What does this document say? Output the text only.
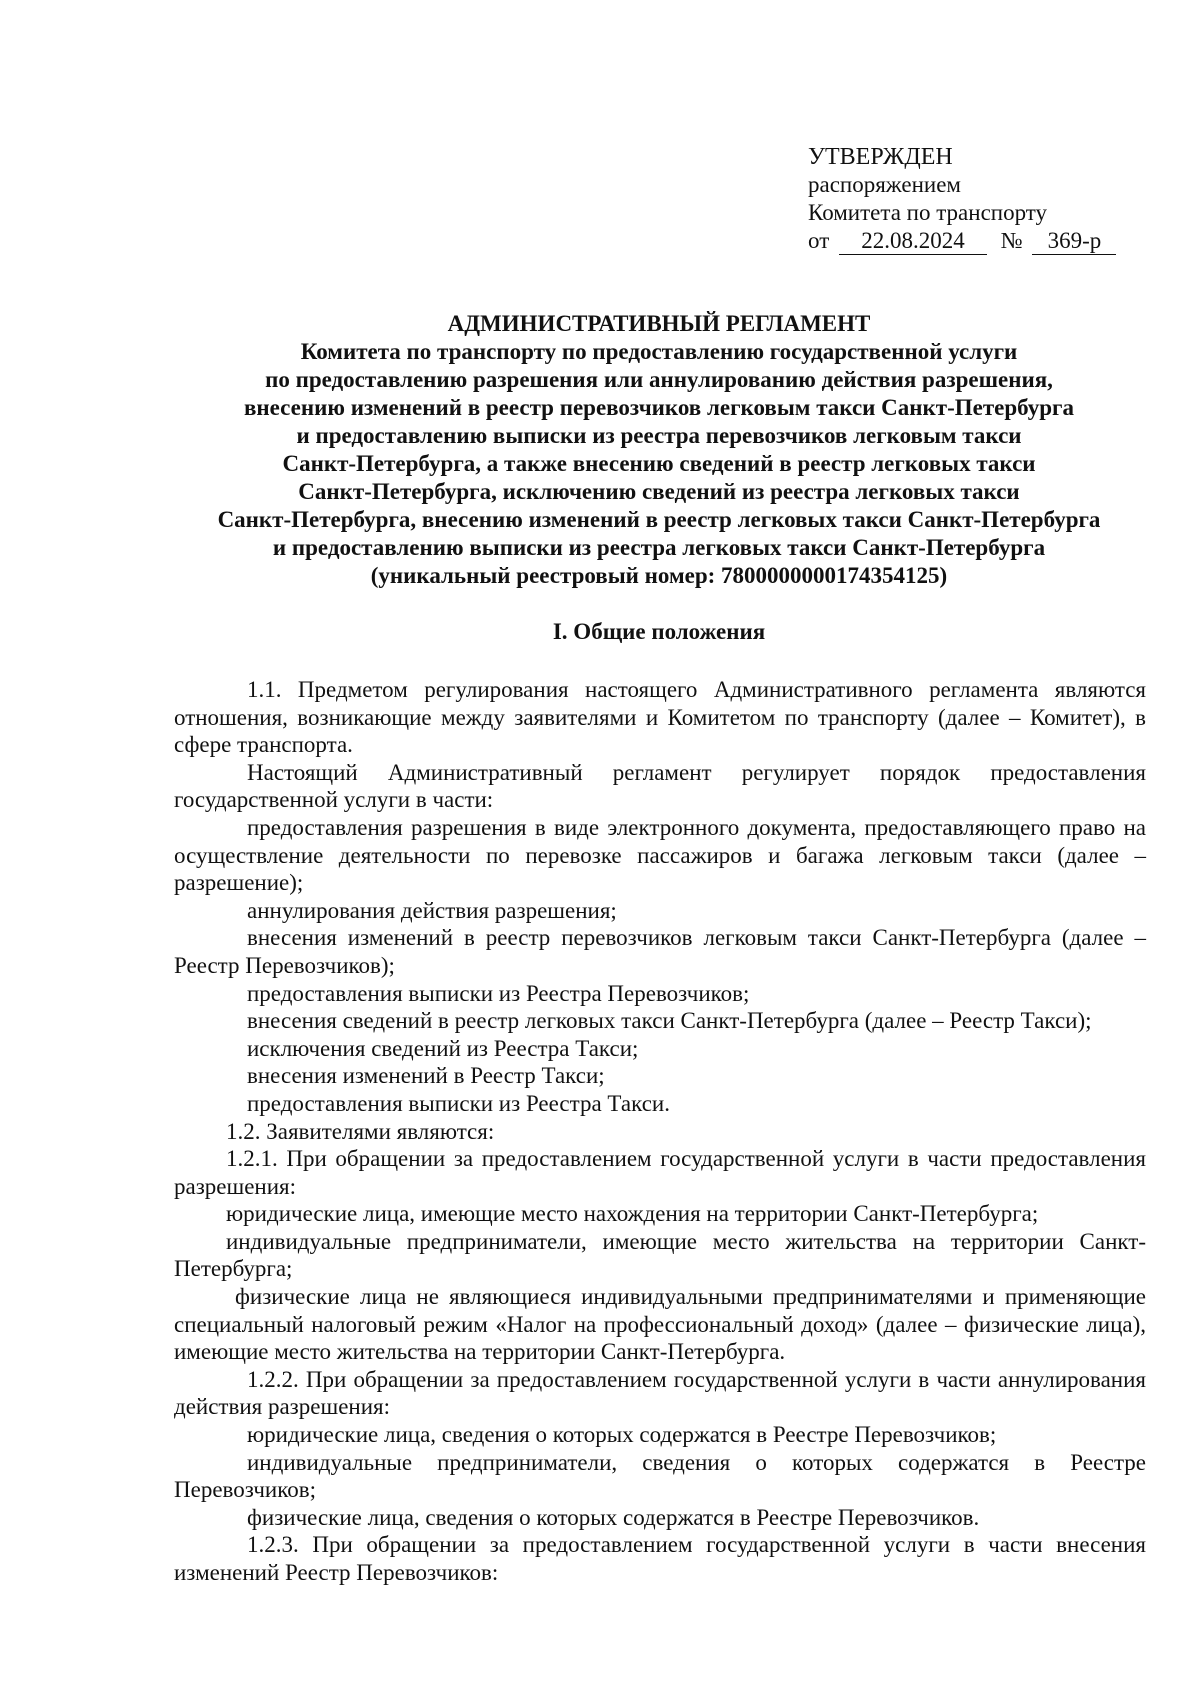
УТВЕРЖДЕН
распоряжением
Комитета по транспорту
от 22.08.2024 № 369-р
АДМИНИСТРАТИВНЫЙ РЕГЛАМЕНТ
Комитета по транспорту по предоставлению государственной услуги
по предоставлению разрешения или аннулированию действия разрешения,
внесению изменений в реестр перевозчиков легковым такси Санкт-Петербурга
и предоставлению выписки из реестра перевозчиков легковым такси
Санкт-Петербурга, а также внесению сведений в реестр легковых такси
Санкт-Петербурга, исключению сведений из реестра легковых такси
Санкт-Петербурга, внесению изменений в реестр легковых такси Санкт-Петербурга
и предоставлению выписки из реестра легковых такси Санкт-Петербурга
(уникальный реестровый номер: 7800000000174354125)
I. Общие положения

1.1. Предметом регулирования настоящего Административного регламента являются отношения, возникающие между заявителями и Комитетом по транспорту (далее – Комитет), в сфере транспорта.

Настоящий Административный регламент регулирует порядок предоставления государственной услуги в части:

предоставления разрешения в виде электронного документа, предоставляющего право на осуществление деятельности по перевозке пассажиров и багажа легковым такси (далее – разрешение);

аннулирования действия разрешения;

внесения изменений в реестр перевозчиков легковым такси Санкт-Петербурга (далее – Реестр Перевозчиков);

предоставления выписки из Реестра Перевозчиков;

внесения сведений в реестр легковых такси Санкт-Петербурга (далее – Реестр Такси);

исключения сведений из Реестра Такси;

внесения изменений в Реестр Такси;

предоставления выписки из Реестра Такси.

1.2. Заявителями являются:

1.2.1. При обращении за предоставлением государственной услуги в части предоставления разрешения:

юридические лица, имеющие место нахождения на территории Санкт-Петербурга;

индивидуальные предприниматели, имеющие место жительства на территории Санкт-Петербурга;

физические лица не являющиеся индивидуальными предпринимателями и применяющие специальный налоговый режим «Налог на профессиональный доход» (далее – физические лица), имеющие место жительства на территории Санкт-Петербурга.

1.2.2. При обращении за предоставлением государственной услуги в части аннулирования действия разрешения:

юридические лица, сведения о которых содержатся в Реестре Перевозчиков;

индивидуальные предприниматели, сведения о которых содержатся в Реестре Перевозчиков;

физические лица, сведения о которых содержатся в Реестре Перевозчиков.

1.2.3. При обращении за предоставлением государственной услуги в части внесения изменений Реестр Перевозчиков:
